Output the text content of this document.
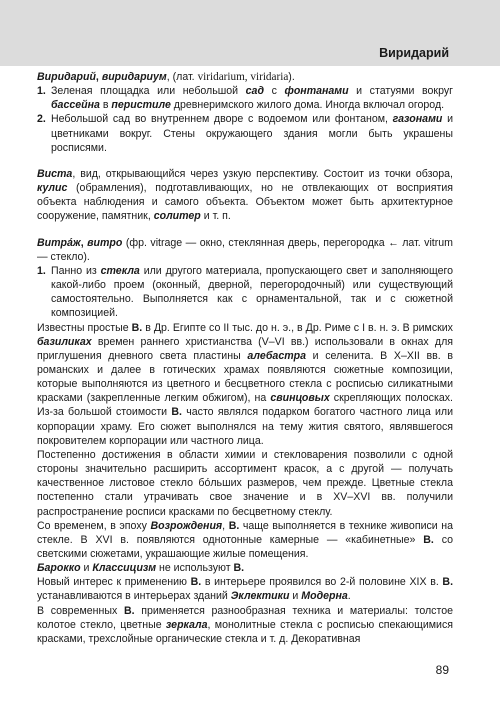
Виридарий

Виридарий, виридариум, (лат. viridarium, viridaria).

1. Зеленая площадка или небольшой сад с фонтанами и статуями вокруг бассейна в перистиле древнеримского жилого дома. Иногда включал огород.

2. Небольшой сад во внутреннем дворе с водоемом или фонтаном, газонами и цветниками вокруг. Стены окружающего здания могли быть украшены росписями.

Виста, вид, открывающийся через узкую перспективу. Состоит из точки обзора, кулис (обрамления), подготавливающих, но не отвлекающих от восприятия объекта наблюдения и самого объекта. Объектом может быть архитектурное сооружение, памятник, солитер и т. п.

Витра́ж, витро (фр. vitrage — окно, стеклянная дверь, перегородка ← лат. vitrum — стекло).

1. Панно из стекла или другого материала, пропускающего свет и заполняющего какой-либо проем (оконный, дверной, перегородочный) или существующий самостоятельно. Выполняется как с орнаментальной, так и с сюжетной композицией.

Известны простые В. в Др. Египте со II тыс. до н. э., в Др. Риме с I в. н. э. В римских базиликах времен раннего христианства (V–VI вв.) использовали в окнах для приглушения дневного света пластины алебастра и селенита. В X–XII вв. в романских и далее в готических храмах появляются сюжетные композиции, которые выполняются из цветного и бесцветного стекла с росписью силикатными красками (закрепленные легким обжигом), на свинцовых скрепляющих полосках. Из-за большой стоимости В. часто являлся подарком богатого частного лица или корпорации храму. Его сюжет выполнялся на тему жития святого, являвшегося покровителем корпорации или частного лица.

Постепенно достижения в области химии и стекловарения позволили с одной стороны значительно расширить ассортимент красок, а с другой — получать качественное листовое стекло бо́льших размеров, чем прежде. Цветные стекла постепенно стали утрачивать свое значение и в XV–XVI вв. получили распространение росписи красками по бесцветному стеклу.

Со временем, в эпоху Возрождения, В. чаще выполняется в технике живописи на стекле. В XVI в. появляются однотонные камерные — «кабинетные» В. со светскими сюжетами, украшающие жилые помещения.

Барокко и Классицизм не используют В.

Новый интерес к применению В. в интерьере проявился во 2-й половине XIX в. В. устанавливаются в интерьерах зданий Эклектики и Модерна.

В современных В. применяется разнообразная техника и материалы: толстое колотое стекло, цветные зеркала, монолитные стекла с росписью спекающимися красками, трехслойные органические стекла и т. д. Декоративная

89
